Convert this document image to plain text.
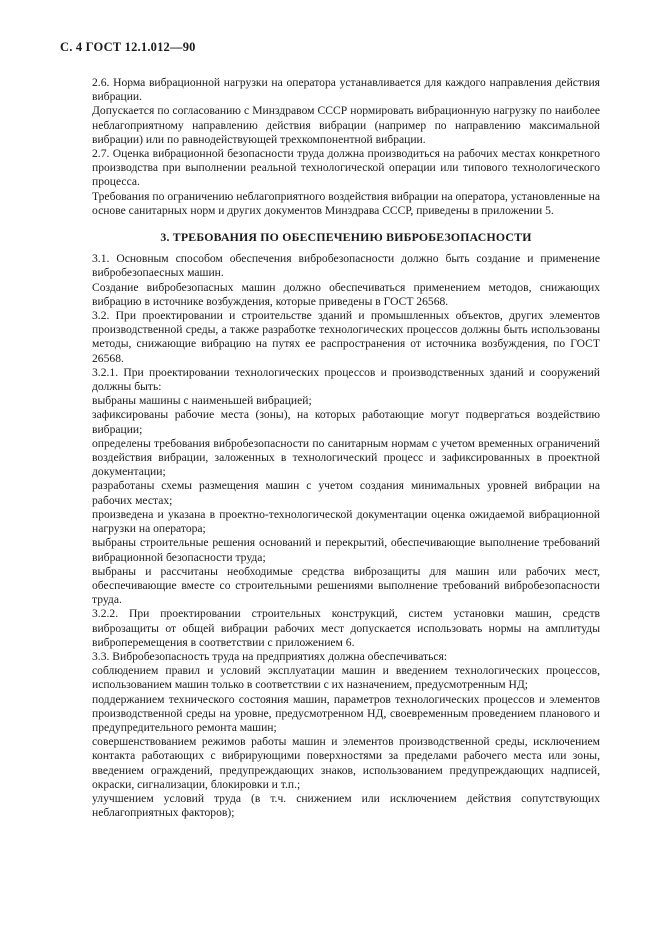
С. 4 ГОСТ 12.1.012—90

2.6. Норма вибрационной нагрузки на оператора устанавливается для каждого направления действия вибрации.

Допускается по согласованию с Минздравом СССР нормировать вибрационную нагрузку по наиболее неблагоприятному направлению действия вибрации (например по направлению максимальной вибрации) или по равнодействующей трехкомпонентной вибрации.

2.7. Оценка вибрационной безопасности труда должна производиться на рабочих местах конкретного производства при выполнении реальной технологической операции или типового технологического процесса.

Требования по ограничению неблагоприятного воздействия вибрации на оператора, установленные на основе санитарных норм и других документов Минздрава СССР, приведены в приложении 5.

3. ТРЕБОВАНИЯ ПО ОБЕСПЕЧЕНИЮ ВИБРОБЕЗОПАСНОСТИ

3.1. Основным способом обеспечения вибробезопасности должно быть создание и применение вибробезопаесных машин.

Создание вибробезопасных машин должно обеспечиваться применением методов, снижающих вибрацию в источнике возбуждения, которые приведены в ГОСТ 26568.

3.2. При проектировании и строительстве зданий и промышленных объектов, других элементов производственной среды, а также разработке технологических процессов должны быть использованы методы, снижающие вибрацию на путях ее распространения от источника возбуждения, по ГОСТ 26568.

3.2.1. При проектировании технологических процессов и производственных зданий и сооружений должны быть:

выбраны машины с наименьшей вибрацией;

зафиксированы рабочие места (зоны), на которых работающие могут подвергаться воздействию вибрации;

определены требования вибробезопасности по санитарным нормам с учетом временных ограничений воздействия вибрации, заложенных в технологический процесс и зафиксированных в проектной документации;

разработаны схемы размещения машин с учетом создания минимальных уровней вибрации на рабочих местах;

произведена и указана в проектно-технологической документации оценка ожидаемой вибрационной нагрузки на оператора;

выбраны строительные решения оснований и перекрытий, обеспечивающие выполнение требований вибрационной безопасности труда;

выбраны и рассчитаны необходимые средства виброзащиты для машин или рабочих мест, обеспечивающие вместе со строительными решениями выполнение требований вибробезопасности труда.

3.2.2. При проектировании строительных конструкций, систем установки машин, средств виброзащиты от общей вибрации рабочих мест допускается использовать нормы на амплитуды виброперемещения в соответствии с приложением 6.

3.3. Вибробезопасность труда на предприятиях должна обеспечиваться:

соблюдением правил и условий эксплуатации машин и введением технологических процессов, использованием машин только в соответствии с их назначением, предусмотренным НД;

поддержанием технического состояния машин, параметров технологических процессов и элементов производственной среды на уровне, предусмотренном НД, своевременным проведением планового и предупредительного ремонта машин;

совершенствованием режимов работы машин и элементов производственной среды, исключением контакта работающих с вибрирующими поверхностями за пределами рабочего места или зоны, введением ограждений, предупреждающих знаков, использованием предупреждающих надписей, окраски, сигнализации, блокировки и т.п.;

улучшением условий труда (в т.ч. снижением или исключением действия сопутствующих неблагоприятных факторов);
